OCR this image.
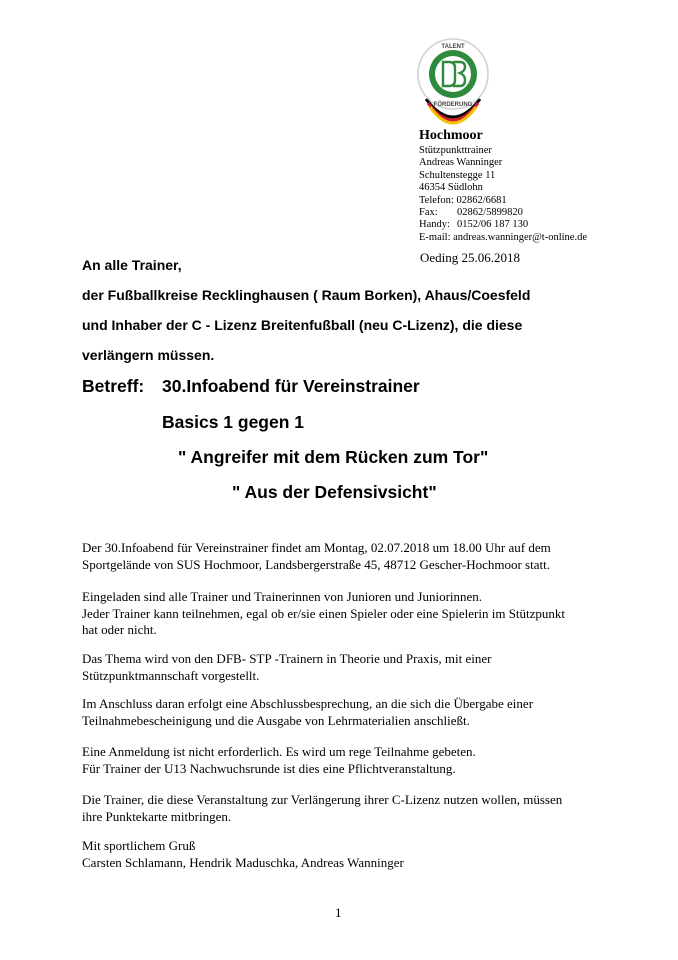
TALENT
FÖRDERUNG
Hochmoor
Stützpunkttrainer
Andreas Wanninger
Schultenstegge 11
46354 Südlohn
Telefon: 02862/6681
Fax: 02862/5899820
Handy: 0152/06 187 130
E-mail: andreas.wanninger@t-online.de
Oeding 25.06.2018
An alle Trainer,
der Fußballkreise Recklinghausen ( Raum Borken), Ahaus/Coesfeld
und Inhaber der C - Lizenz Breitenfußball (neu C-Lizenz), die diese
verlängern müssen.
Betreff: 30.Infoabend für Vereinstrainer
Basics 1 gegen 1
" Angreifer mit dem Rücken zum Tor"
" Aus der Defensivsicht"
Der 30.Infoabend für Vereinstrainer findet am Montag, 02.07.2018 um 18.00 Uhr auf dem
Sportgelände von SUS Hochmoor, Landsbergerstraße 45, 48712 Gescher-Hochmoor statt.
Eingeladen sind alle Trainer und Trainerinnen von Junioren und Juniorinnen.
Jeder Trainer kann teilnehmen, egal ob er/sie einen Spieler oder eine Spielerin im Stützpunkt
hat oder nicht.
Das Thema wird von den DFB- STP -Trainern in Theorie und Praxis, mit einer
Stützpunktmannschaft vorgestellt.
Im Anschluss daran erfolgt eine Abschlussbesprechung, an die sich die Übergabe einer
Teilnahmebescheinigung und die Ausgabe von Lehrmaterialien anschließt.
Eine Anmeldung ist nicht erforderlich. Es wird um rege Teilnahme gebeten.
Für Trainer der U13 Nachwuchsrunde ist dies eine Pflichtveranstaltung.
Die Trainer, die diese Veranstaltung zur Verlängerung ihrer C-Lizenz nutzen wollen, müssen
ihre Punktekarte mitbringen.
Mit sportlichem Gruß
Carsten Schlamann, Hendrik Maduschka, Andreas Wanninger
1
